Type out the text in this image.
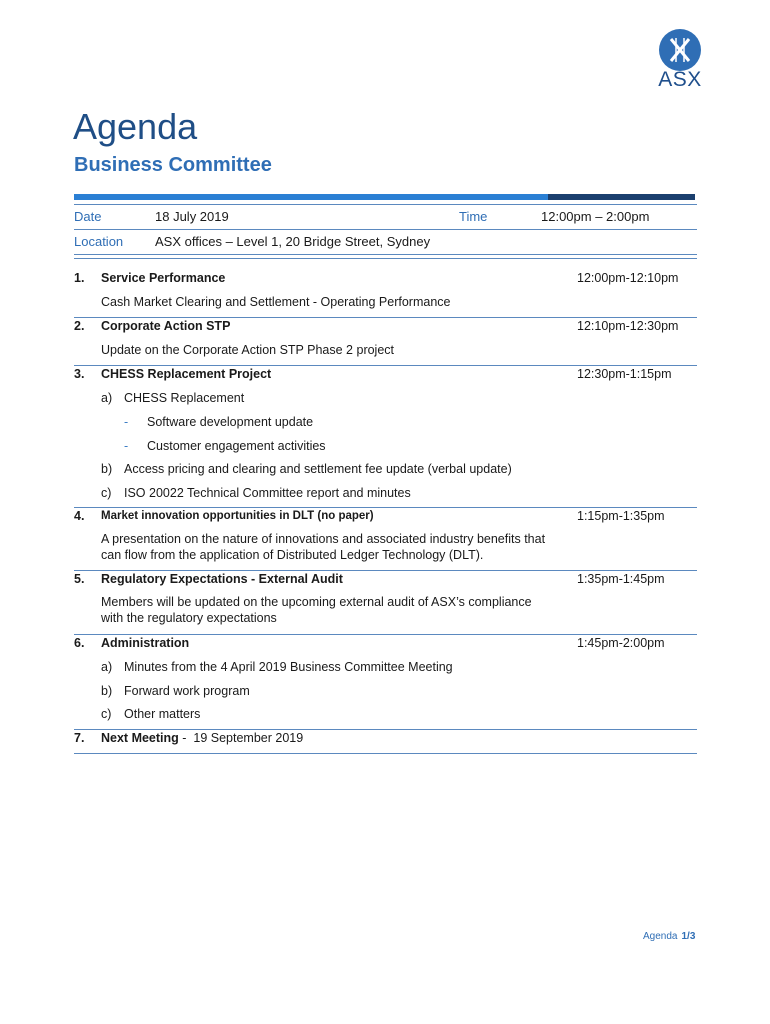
ASX
Agenda
Business Committee
Date	18 July 2019	Time	12:00pm – 2:00pm
Location ASX offices – Level 1, 20 Bridge Street, Sydney
1. Service Performance	12:00pm-12:10pm
Cash Market Clearing and Settlement - Operating Performance
2. Corporate Action STP	12:10pm-12:30pm
Update on the Corporate Action STP Phase 2 project
3. CHESS Replacement Project	12:30pm-1:15pm
a) CHESS Replacement
- Software development update
- Customer engagement activities
b) Access pricing and clearing and settlement fee update (verbal update)
c) ISO 20022 Technical Committee report and minutes
4. Market innovation opportunities in DLT (no paper)	1:15pm-1:35pm
A presentation on the nature of innovations and associated industry benefits that
can flow from the application of Distributed Ledger Technology (DLT).
5. Regulatory Expectations - External Audit	1:35pm-1:45pm
Members will be updated on the upcoming external audit of ASX’s compliance
with the regulatory expectations
6. Administration	1:45pm-2:00pm
a) Minutes from the 4 April 2019 Business Committee Meeting
b) Forward work program
c) Other matters
7. Next Meeting -  19 September 2019
Agenda 1/3
